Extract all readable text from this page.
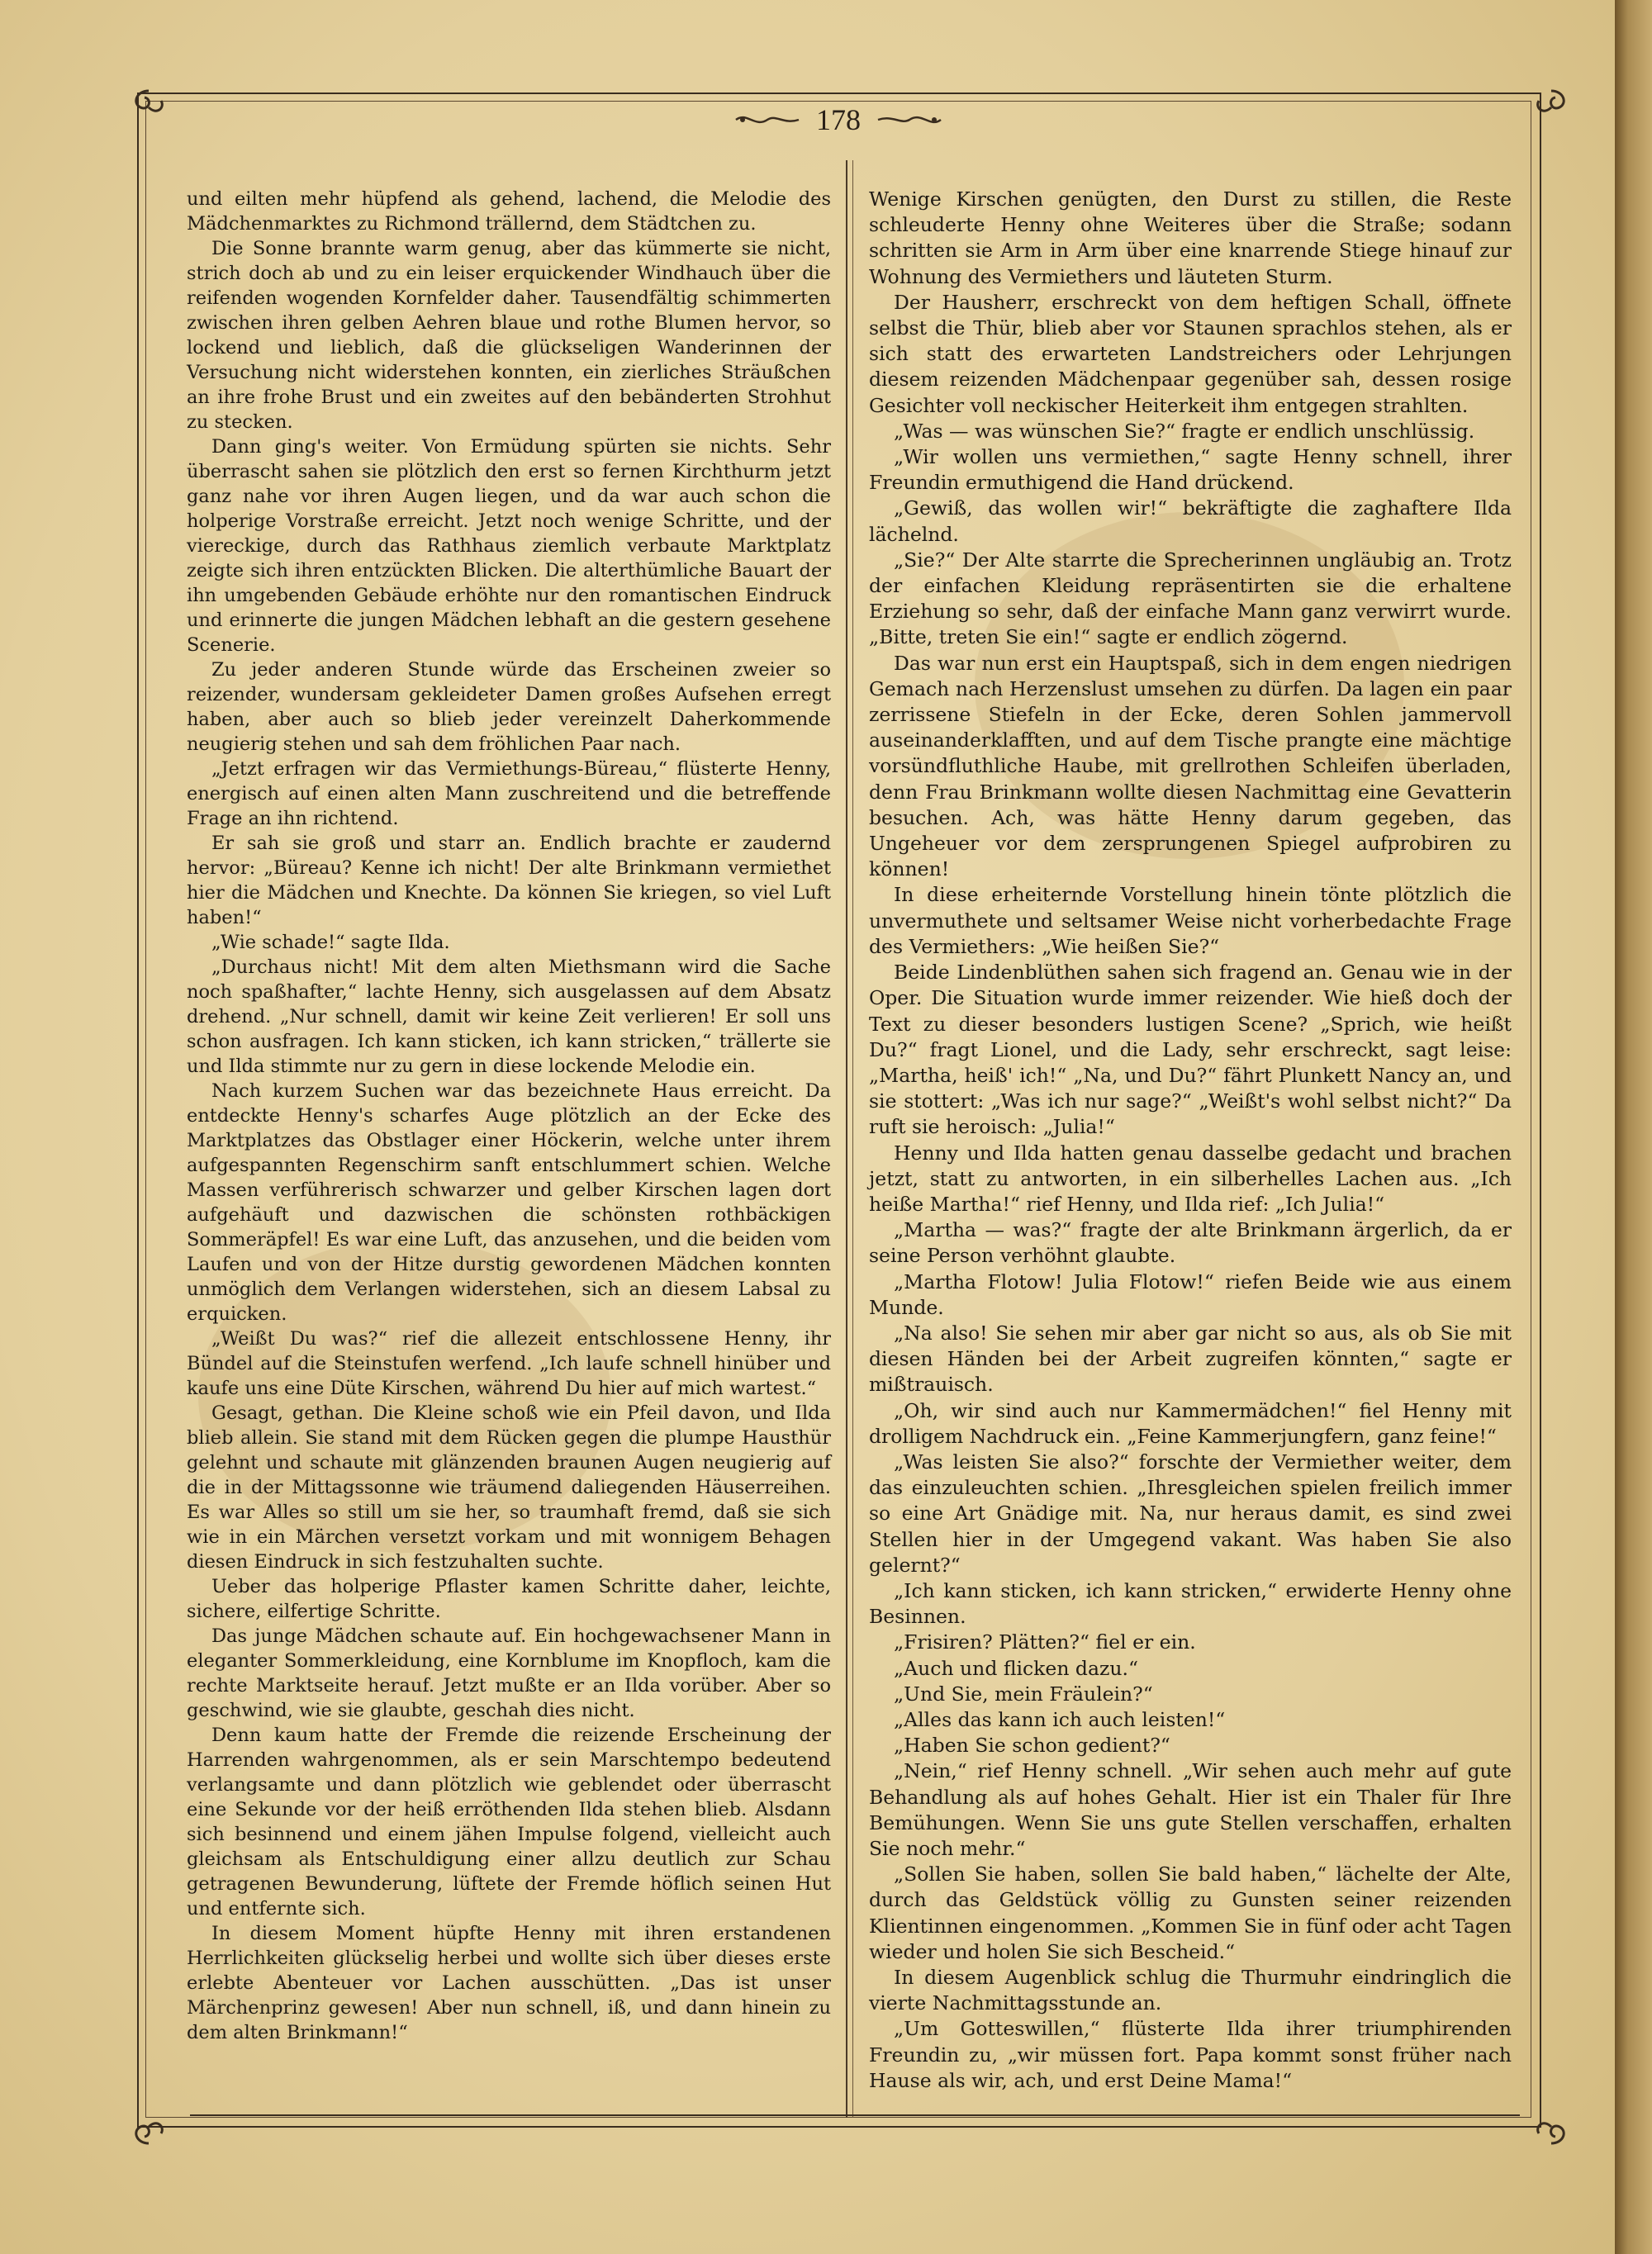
178

und eilten mehr hüpfend als gehend, lachend, die Melodie des Mädchenmarktes zu Richmond trällernd, dem Städtchen zu.

Die Sonne brannte warm genug, aber das kümmerte sie nicht, strich doch ab und zu ein leiser erquickender Windhauch über die reifenden wogenden Kornfelder daher. Tausendfältig schimmerten zwischen ihren gelben Aehren blaue und rothe Blumen hervor, so lockend und lieblich, daß die glückseligen Wanderinnen der Versuchung nicht widerstehen konnten, ein zierliches Sträußchen an ihre frohe Brust und ein zweites auf den bebänderten Strohhut zu stecken.

Dann ging's weiter. Von Ermüdung spürten sie nichts. Sehr überrascht sahen sie plötzlich den erst so fernen Kirchthurm jetzt ganz nahe vor ihren Augen liegen, und da war auch schon die holperige Vorstraße erreicht. Jetzt noch wenige Schritte, und der viereckige, durch das Rathhaus ziemlich verbaute Marktplatz zeigte sich ihren entzückten Blicken. Die alterthümliche Bauart der ihn umgebenden Gebäude erhöhte nur den romantischen Eindruck und erinnerte die jungen Mädchen lebhaft an die gestern gesehene Scenerie.

Zu jeder anderen Stunde würde das Erscheinen zweier so reizender, wundersam gekleideter Damen großes Aufsehen erregt haben, aber auch so blieb jeder vereinzelt Daherkommende neugierig stehen und sah dem fröhlichen Paar nach.

„Jetzt erfragen wir das Vermiethungs-Büreau,“ flüsterte Henny, energisch auf einen alten Mann zuschreitend und die betreffende Frage an ihn richtend.

Er sah sie groß und starr an. Endlich brachte er zaudernd hervor: „Büreau? Kenne ich nicht! Der alte Brinkmann vermiethet hier die Mädchen und Knechte. Da können Sie kriegen, so viel Luft haben!“

„Wie schade!“ sagte Ilda.

„Durchaus nicht! Mit dem alten Miethsmann wird die Sache noch spaßhafter,“ lachte Henny, sich ausgelassen auf dem Absatz drehend. „Nur schnell, damit wir keine Zeit verlieren! Er soll uns schon ausfragen. Ich kann sticken, ich kann stricken,“ trällerte sie und Ilda stimmte nur zu gern in diese lockende Melodie ein.

Nach kurzem Suchen war das bezeichnete Haus erreicht. Da entdeckte Henny's scharfes Auge plötzlich an der Ecke des Marktplatzes das Obstlager einer Höckerin, welche unter ihrem aufgespannten Regenschirm sanft entschlummert schien. Welche Massen verführerisch schwarzer und gelber Kirschen lagen dort aufgehäuft und dazwischen die schönsten rothbäckigen Sommeräpfel! Es war eine Luft, das anzusehen, und die beiden vom Laufen und von der Hitze durstig gewordenen Mädchen konnten unmöglich dem Verlangen widerstehen, sich an diesem Labsal zu erquicken.

„Weißt Du was?“ rief die allezeit entschlossene Henny, ihr Bündel auf die Steinstufen werfend. „Ich laufe schnell hinüber und kaufe uns eine Düte Kirschen, während Du hier auf mich wartest.“

Gesagt, gethan. Die Kleine schoß wie ein Pfeil davon, und Ilda blieb allein. Sie stand mit dem Rücken gegen die plumpe Hausthür gelehnt und schaute mit glänzenden braunen Augen neugierig auf die in der Mittagssonne wie träumend daliegenden Häuserreihen. Es war Alles so still um sie her, so traumhaft fremd, daß sie sich wie in ein Märchen versetzt vorkam und mit wonnigem Behagen diesen Eindruck in sich festzuhalten suchte.

Ueber das holperige Pflaster kamen Schritte daher, leichte, sichere, eilfertige Schritte.

Das junge Mädchen schaute auf. Ein hochgewachsener Mann in eleganter Sommerkleidung, eine Kornblume im Knopfloch, kam die rechte Marktseite herauf. Jetzt mußte er an Ilda vorüber. Aber so geschwind, wie sie glaubte, geschah dies nicht.

Denn kaum hatte der Fremde die reizende Erscheinung der Harrenden wahrgenommen, als er sein Marschtempo bedeutend verlangsamte und dann plötzlich wie geblendet oder überrascht eine Sekunde vor der heiß erröthenden Ilda stehen blieb. Alsdann sich besinnend und einem jähen Impulse folgend, vielleicht auch gleichsam als Entschuldigung einer allzu deutlich zur Schau getragenen Bewunderung, lüftete der Fremde höflich seinen Hut und entfernte sich.

In diesem Moment hüpfte Henny mit ihren erstandenen Herrlichkeiten glückselig herbei und wollte sich über dieses erste erlebte Abenteuer vor Lachen ausschütten. „Das ist unser Märchenprinz gewesen! Aber nun schnell, iß, und dann hinein zu dem alten Brinkmann!“

Wenige Kirschen genügten, den Durst zu stillen, die Reste schleuderte Henny ohne Weiteres über die Straße; sodann schritten sie Arm in Arm über eine knarrende Stiege hinauf zur Wohnung des Vermiethers und läuteten Sturm.

Der Hausherr, erschreckt von dem heftigen Schall, öffnete selbst die Thür, blieb aber vor Staunen sprachlos stehen, als er sich statt des erwarteten Landstreichers oder Lehrjungen diesem reizenden Mädchenpaar gegenüber sah, dessen rosige Gesichter voll neckischer Heiterkeit ihm entgegen strahlten.

„Was — was wünschen Sie?“ fragte er endlich unschlüssig.

„Wir wollen uns vermiethen,“ sagte Henny schnell, ihrer Freundin ermuthigend die Hand drückend.

„Gewiß, das wollen wir!“ bekräftigte die zaghaftere Ilda lächelnd.

„Sie?“ Der Alte starrte die Sprecherinnen ungläubig an. Trotz der einfachen Kleidung repräsentirten sie die erhaltene Erziehung so sehr, daß der einfache Mann ganz verwirrt wurde. „Bitte, treten Sie ein!“ sagte er endlich zögernd.

Das war nun erst ein Hauptspaß, sich in dem engen niedrigen Gemach nach Herzenslust umsehen zu dürfen. Da lagen ein paar zerrissene Stiefeln in der Ecke, deren Sohlen jammervoll auseinanderklafften, und auf dem Tische prangte eine mächtige vorsündfluthliche Haube, mit grellrothen Schleifen überladen, denn Frau Brinkmann wollte diesen Nachmittag eine Gevatterin besuchen. Ach, was hätte Henny darum gegeben, das Ungeheuer vor dem zersprungenen Spiegel aufprobiren zu können!

In diese erheiternde Vorstellung hinein tönte plötzlich die unvermuthete und seltsamer Weise nicht vorherbedachte Frage des Vermiethers: „Wie heißen Sie?“

Beide Lindenblüthen sahen sich fragend an. Genau wie in der Oper. Die Situation wurde immer reizender. Wie hieß doch der Text zu dieser besonders lustigen Scene? „Sprich, wie heißt Du?“ fragt Lionel, und die Lady, sehr erschreckt, sagt leise: „Martha, heiß' ich!“ „Na, und Du?“ fährt Plunkett Nancy an, und sie stottert: „Was ich nur sage?“ „Weißt's wohl selbst nicht?“ Da ruft sie heroisch: „Julia!“

Henny und Ilda hatten genau dasselbe gedacht und brachen jetzt, statt zu antworten, in ein silberhelles Lachen aus. „Ich heiße Martha!“ rief Henny, und Ilda rief: „Ich Julia!“

„Martha — was?“ fragte der alte Brinkmann ärgerlich, da er seine Person verhöhnt glaubte.

„Martha Flotow! Julia Flotow!“ riefen Beide wie aus einem Munde.

„Na also! Sie sehen mir aber gar nicht so aus, als ob Sie mit diesen Händen bei der Arbeit zugreifen könnten,“ sagte er mißtrauisch.

„Oh, wir sind auch nur Kammermädchen!“ fiel Henny mit drolligem Nachdruck ein. „Feine Kammerjungfern, ganz feine!“

„Was leisten Sie also?“ forschte der Vermiether weiter, dem das einzuleuchten schien. „Ihresgleichen spielen freilich immer so eine Art Gnädige mit. Na, nur heraus damit, es sind zwei Stellen hier in der Umgegend vakant. Was haben Sie also gelernt?“

„Ich kann sticken, ich kann stricken,“ erwiderte Henny ohne Besinnen.

„Frisiren? Plätten?“ fiel er ein.

„Auch und flicken dazu.“

„Und Sie, mein Fräulein?“

„Alles das kann ich auch leisten!“

„Haben Sie schon gedient?“

„Nein,“ rief Henny schnell. „Wir sehen auch mehr auf gute Behandlung als auf hohes Gehalt. Hier ist ein Thaler für Ihre Bemühungen. Wenn Sie uns gute Stellen verschaffen, erhalten Sie noch mehr.“

„Sollen Sie haben, sollen Sie bald haben,“ lächelte der Alte, durch das Geldstück völlig zu Gunsten seiner reizenden Klientinnen eingenommen. „Kommen Sie in fünf oder acht Tagen wieder und holen Sie sich Bescheid.“

In diesem Augenblick schlug die Thurmuhr eindringlich die vierte Nachmittagsstunde an.

„Um Gotteswillen,“ flüsterte Ilda ihrer triumphirenden Freundin zu, „wir müssen fort. Papa kommt sonst früher nach Hause als wir, ach, und erst Deine Mama!“
